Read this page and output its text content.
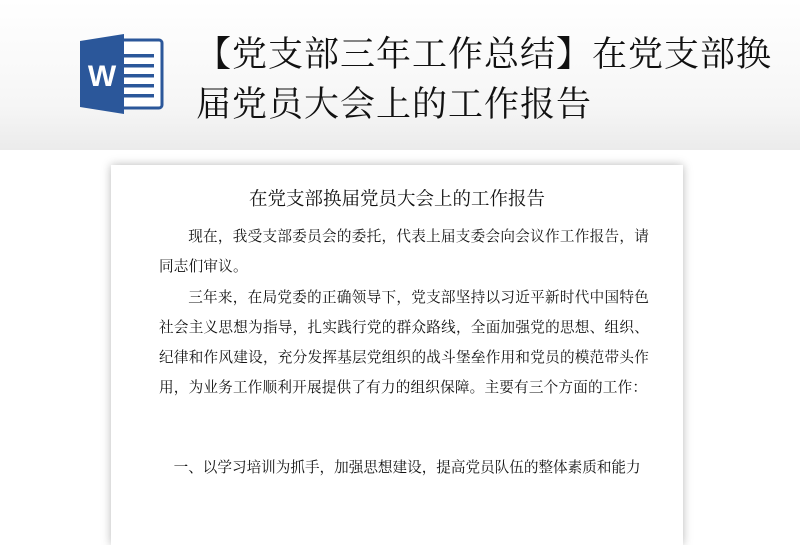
W
【党支部三年工作总结】在党支部换届党员大会上的工作报告
在党支部换届党员大会上的工作报告

现在，我受支部委员会的委托，代表上届支委会向会议作工作报告，请同志们审议。

三年来，在局党委的正确领导下，党支部坚持以习近平新时代中国特色社会主义思想为指导，扎实践行党的群众路线，全面加强党的思想、组织、纪律和作风建设，充分发挥基层党组织的战斗堡垒作用和党员的模范带头作用，为业务工作顺利开展提供了有力的组织保障。主要有三个方面的工作：

一、以学习培训为抓手，加强思想建设，提高党员队伍的整体素质和能力
